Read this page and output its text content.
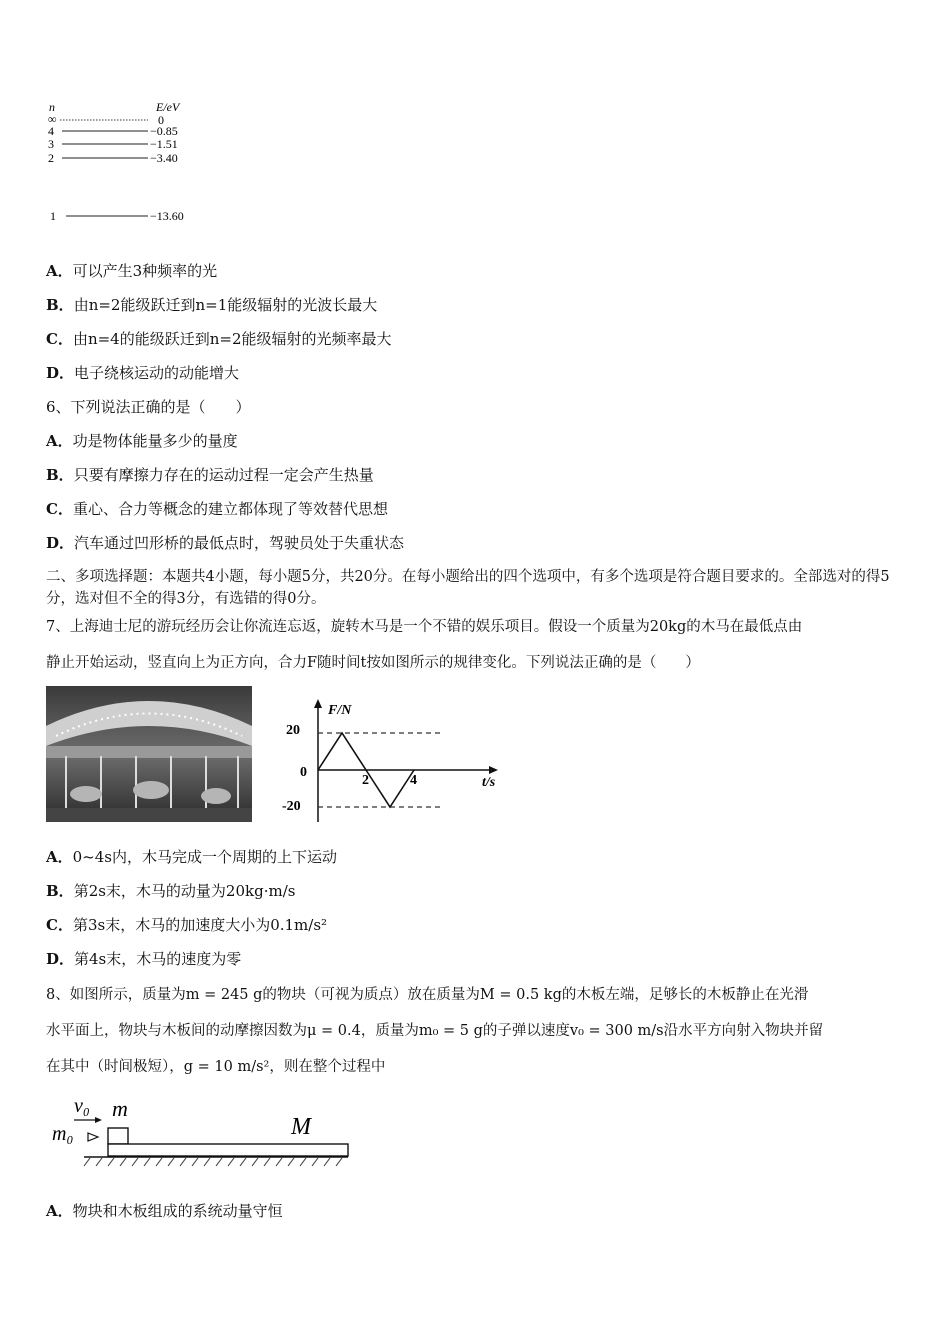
n	E/eV
∞	0
4	−0.85
3	−1.51
2	−3.40
1	−13.60
A．可以产生3种频率的光
B．由n=2能级跃迁到n=1能级辐射的光波长最大
C．由n=4的能级跃迁到n=2能级辐射的光频率最大
D．电子绕核运动的动能增大
6、下列说法正确的是（　　）
A．功是物体能量多少的量度
B．只要有摩擦力存在的运动过程一定会产生热量
C．重心、合力等概念的建立都体现了等效替代思想
D．汽车通过凹形桥的最低点时，驾驶员处于失重状态
二、多项选择题：本题共4小题，每小题5分，共20分。在每小题给出的四个选项中，有多个选项是符合题目要求的。全部选对的得5分，选对但不全的得3分，有选错的得0分。
7、上海迪士尼的游玩经历会让你流连忘返，旋转木马是一个不错的娱乐项目。假设一个质量为20kg的木马在最低点由
静止开始运动，竖直向上为正方向，合力F随时间t按如图所示的规律变化。下列说法正确的是（　　）
F/N
t/s
20
0
-20
2	4
A．0~4s内，木马完成一个周期的上下运动
B．第2s末，木马的动量为20kg·m/s
C．第3s末，木马的加速度大小为0.1m/s²
D．第4s末，木马的速度为零
8、如图所示，质量为m = 245 g的物块（可视为质点）放在质量为M = 0.5 kg的木板左端，足够长的木板静止在光滑
水平面上，物块与木板间的动摩擦因数为μ = 0.4，质量为m₀ = 5 g的子弹以速度v₀ = 300 m/s沿水平方向射入物块并留
在其中（时间极短），g = 10 m/s²，则在整个过程中
v₀ m
m₀	M
A．物块和木板组成的系统动量守恒
